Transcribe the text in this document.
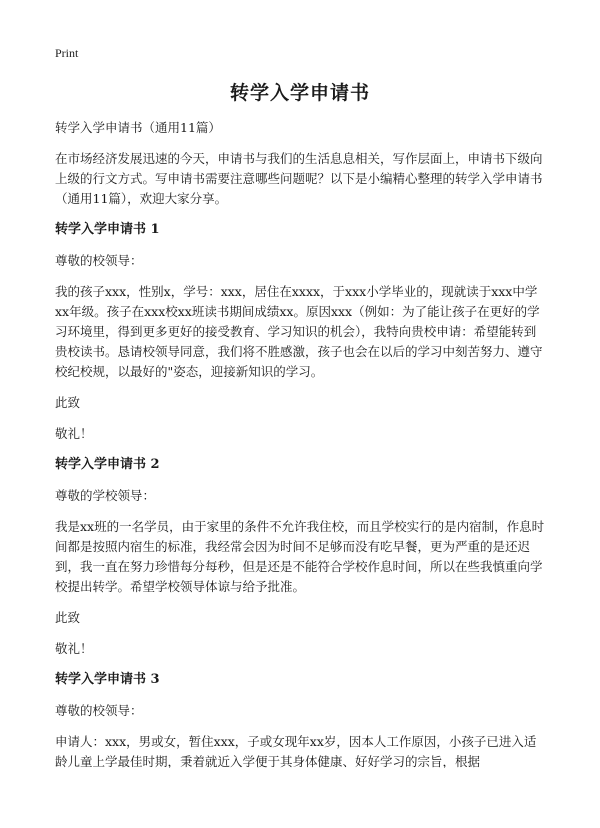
Print
转学入学申请书

转学入学申请书（通用11篇）

在市场经济发展迅速的今天，申请书与我们的生活息息相关，写作层面上，申请书下级向上级的行文方式。写申请书需要注意哪些问题呢？以下是小编精心整理的转学入学申请书（通用11篇），欢迎大家分享。

转学入学申请书 1

尊敬的校领导：

我的孩子xxx，性别x，学号：xxx，居住在xxxx，于xxx小学毕业的，现就读于xxx中学xx年级。孩子在xxx校xx班读书期间成绩xx。原因xxx（例如：为了能让孩子在更好的学习环境里，得到更多更好的接受教育、学习知识的机会），我特向贵校申请：希望能转到贵校读书。恳请校领导同意，我们将不胜感激，孩子也会在以后的学习中刻苦努力、遵守校纪校规，以最好的"姿态，迎接新知识的学习。

此致

敬礼！

转学入学申请书 2

尊敬的学校领导：

我是xx班的一名学员，由于家里的条件不允许我住校，而且学校实行的是内宿制，作息时间都是按照内宿生的标准，我经常会因为时间不足够而没有吃早餐，更为严重的是还迟到，我一直在努力珍惜每分每秒，但是还是不能符合学校作息时间，所以在些我慎重向学校提出转学。希望学校领导体谅与给予批准。

此致

敬礼！

转学入学申请书 3

尊敬的校领导：

申请人：xxx，男或女，暂住xxx，子或女现年xx岁，因本人工作原因，小孩子已进入适龄儿童上学最佳时期，秉着就近入学便于其身体健康、好好学习的宗旨，根据
